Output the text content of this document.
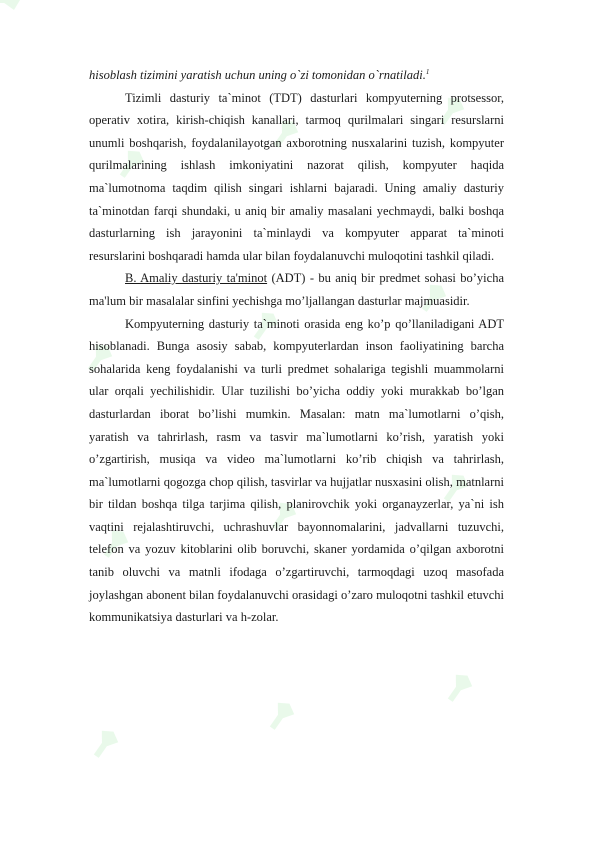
hisoblash tizimini yaratish uchun uning o`zi tomonidan o`rnatiladi.$^1$

Tizimli dasturiy ta`minot (TDT) dasturlari kompyuterning protsessor, operativ xotira, kirish-chiqish kanallari, tarmoq qurilmalari singari resurslarni unumli boshqarish, foydalanilayotgan axborotning nusxalarini tuzish, kompyuter qurilmalarining ishlash imkoniyatini nazorat qilish, kompyuter haqida ma`lumotnoma taqdim qilish singari ishlarni bajaradi. Uning amaliy dasturiy ta`minotdan farqi shundaki, u aniq bir amaliy masalani yechmaydi, balki boshqa dasturlarning ish jarayonini ta`minlaydi va kompyuter apparat ta`minoti resurslarini boshqaradi hamda ular bilan foydalanuvchi muloqotini tashkil qiladi.

B. Amaliy dasturiy ta'minot (ADT) - bu aniq bir predmet sohasi bo’yicha ma'lum bir masalalar sinfini yechishga mo’ljallangan dasturlar majmuasidir.

Kompyuterning dasturiy ta`minoti orasida eng ko’p qo’llaniladigani ADT hisoblanadi. Bunga asosiy sabab, kompyuterlardan inson faoliyatining barcha sohalarida keng foydalanishi va turli predmet sohalariga tegishli muammolarni ular orqali yechilishidir. Ular tuzilishi bo’yicha oddiy yoki murakkab bo’lgan dasturlardan iborat bo’lishi mumkin. Masalan: matn ma`lumotlarni o’qish, yaratish va tahrirlash, rasm va tasvir ma`lumotlarni ko’rish, yaratish yoki o’zgartirish, musiqa va video ma`lumotlarni ko’rib chiqish va tahrirlash, ma`lumotlarni qogozga chop qilish, tasvirlar va hujjatlar nusxasini olish, matnlarni bir tildan boshqa tilga tarjima qilish, planirovchik yoki organayzerlar, ya`ni ish vaqtini rejalashtiruvchi, uchrashuvlar bayonnomalarini, jadvallarni tuzuvchi, telefon va yozuv kitoblarini olib boruvchi, skaner yordamida o’qilgan axborotni tanib oluvchi va matnli ifodaga o’zgartiruvchi, tarmoqdagi uzoq masofada joylashgan abonent bilan foydalanuvchi orasidagi o’zaro muloqotni tashkil etuvchi kommunikatsiya dasturlari va h-zolar.
